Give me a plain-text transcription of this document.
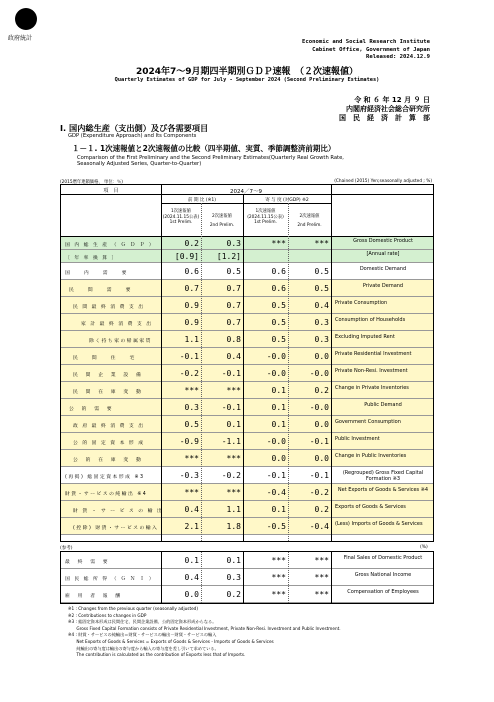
政府統計	Economic and Social Research Institute
Cabinet Office, Government of Japan
Released: 2024.12.9
2024年7～9月期四半期別ＧＤＰ速報　（２次速報値）
Quarterly Estimates of GDP for July - September 2024 (Second Preliminary Estimates)
令 和 ６ 年 12 月 ９ 日
内閣府経済社会総合研究所
国　民　経　済　計　算　部
Ⅰ. 国内総生産（支出側）及び各需要項目
GDP (Expenditure Approach) and Its Components
１－１. 1次速報値と2次速報値の比較（四半期値、実質、季節調整済前期比）
Comparison of the First Preliminary and the Second Preliminary Estimates(Quarterly Real Growth Rate,
Seasonally Adjusted Series, Quarter-to-Quarter)
(2015暦年連鎖価格、 単位：％)	(Chained (2015) Yen;seasonally adjusted ; %)
項　目	2024／7～9
前 期 比 (※1)	寄 与 度 (対GDP) ※2
1次速報値
(2024.11.15公表)
1st Prelim.
2次速報値
2nd Prelim.
1次速報値
(2024.11.15公表)
1st Prelim.
2次速報値
2nd Prelim.
国 内 総 生 産 （ Ｇ Ｄ Ｐ ）	0.2	0.3	***	***	Gross Domestic Product
〔 年 率 換 算 〕	[0.9] [1.2]	[Annual rate]
国　　内　　需　　要	0.6	0.5	0.6	0.5	Domestic Demand
民　　間　　需　　要	0.7	0.7	0.6	0.5	Private Demand
民 間 最 終 消 費 支 出	0.9	0.7	0.5	0.4 Private Consumption
家 計 最 終 消 費 支 出	0.9	0.7	0.5	0.3 Consumption of Households
除く持ち家の帰属家賃	1.1	0.8	0.5	0.3 Excluding Imputed Rent
民　　間　　住　　宅	-0.1	0.4	-0.0	0.0 Private Residential Investment
民　間　企　業　設　備	-0.2	-0.1	-0.0	-0.0 Private Non-Resi. Investment
民　間　在　庫　変　動	***	***	0.1	0.2 Change in Private Inventories
公　的　需　要	0.3	-0.1	0.1	-0.0	Public Demand
政 府 最 終 消 費 支 出	0.5	0.1	0.1	0.0 Government Consumption
公 的 固 定 資 本 形 成	-0.9	-1.1	-0.0	-0.1 Public Investment
公　的　在　庫　変　動	***	***	0.0	0.0 Change in Public Inventories
(再掲) 総固定資本形成 ※3	-0.3	-0.2	-0.1	-0.1	(Regrouped) Gross Fixed Capital Formation ※3
財貨・サービスの純輸出 ※4	***	***	-0.4	-0.2	Net Exports of Goods & Services ※4
財 貨 ・ サ ー ビ ス の 輸 出	0.4	1.1	0.1	0.2 Exports of Goods & Services
(控除) 財貨・サービスの輸入	2.1	1.8	-0.5	-0.4 (Less) Imports of Goods & Services
(参考)	(%)
最　終　需　要	0.1	0.1	***	***	Final Sales of Domestic Product
国 民 総 所 得 （ Ｇ Ｎ Ｉ ）	0.4	0.3	***	***	Gross National Income
雇　用　者　報　酬	0.0	0.2	***	***	Compensation of Employees
※1 : Changes from the previous quarter (seasonally adjusted)
※2 : Contributions to changes in GDP
※3 : 総固定資本形成は民間住宅、民間企業設備、公的固定資本形成からなる。
　　Gross Fixed Capital Formation consists of Private Residential Investment, Private Non-Resi. Investment and Public Investment.
※4 : 財貨・サービスの純輸出＝財貨・サービスの輸出－財貨・サービスの輸入
　　Net Exports of Goods & Services = Exports of Goods & Services - Imports of Goods & Services
　　純輸出の寄与度は輸出の寄与度から輸入の寄与度を差し引いて求めている。
　　The contribution is calculated as the contribution of Exports less that of Imports.
